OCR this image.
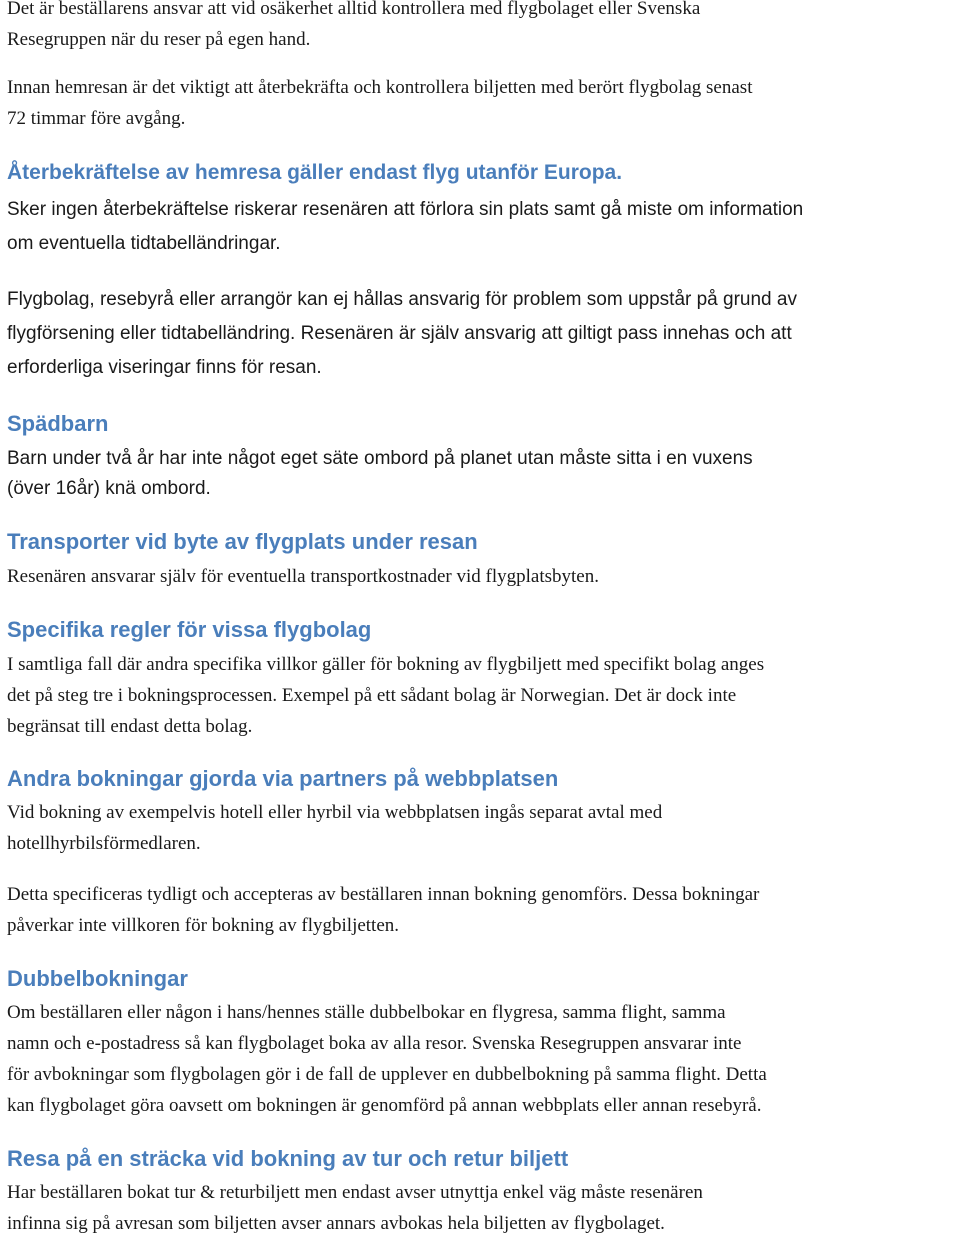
Det är beställarens ansvar att vid osäkerhet alltid kontrollera med flygbolaget eller Svenska
Resegruppen när du reser på egen hand.
Innan hemresan är det viktigt att återbekräfta och kontrollera biljetten med berört flygbolag senast
72 timmar före avgång.
Återbekräftelse av hemresa gäller endast flyg utanför Europa.
Sker ingen återbekräftelse riskerar resenären att förlora sin plats samt gå miste om information
om eventuella tidtabelländringar.
Flygbolag, resebyrå eller arrangör kan ej hållas ansvarig för problem som uppstår på grund av
flygförsening eller tidtabelländring. Resenären är själv ansvarig att giltigt pass innehas och att
erforderliga viseringar finns för resan.
Spädbarn
Barn under två år har inte något eget säte ombord på planet utan måste sitta i en vuxens
(över 16år) knä ombord.
Transporter vid byte av flygplats under resan
Resenären ansvarar själv för eventuella transportkostnader vid flygplatsbyten.
Specifika regler för vissa flygbolag
I samtliga fall där andra specifika villkor gäller för bokning av flygbiljett med specifikt bolag anges
det på steg tre i bokningsprocessen. Exempel på ett sådant bolag är Norwegian. Det är dock inte
begränsat till endast detta bolag.
Andra bokningar gjorda via partners på webbplatsen
Vid bokning av exempelvis hotell eller hyrbil via webbplatsen ingås separat avtal med
hotellhyrbilsförmedlaren.
Detta specificeras tydligt och accepteras av beställaren innan bokning genomförs. Dessa bokningar
påverkar inte villkoren för bokning av flygbiljetten.
Dubbelbokningar
Om beställaren eller någon i hans/hennes ställe dubbelbokar en flygresa, samma flight, samma
namn och e-postadress så kan flygbolaget boka av alla resor. Svenska Resegruppen ansvarar inte
för avbokningar som flygbolagen gör i de fall de upplever en dubbelbokning på samma flight. Detta
kan flygbolaget göra oavsett om bokningen är genomförd på annan webbplats eller annan resebyrå.
Resa på en sträcka vid bokning av tur och retur biljett
Har beställaren bokat tur & returbiljett men endast avser utnyttja enkel väg måste resenären
infinna sig på avresan som biljetten avser annars avbokas hela biljetten av flygbolaget.
